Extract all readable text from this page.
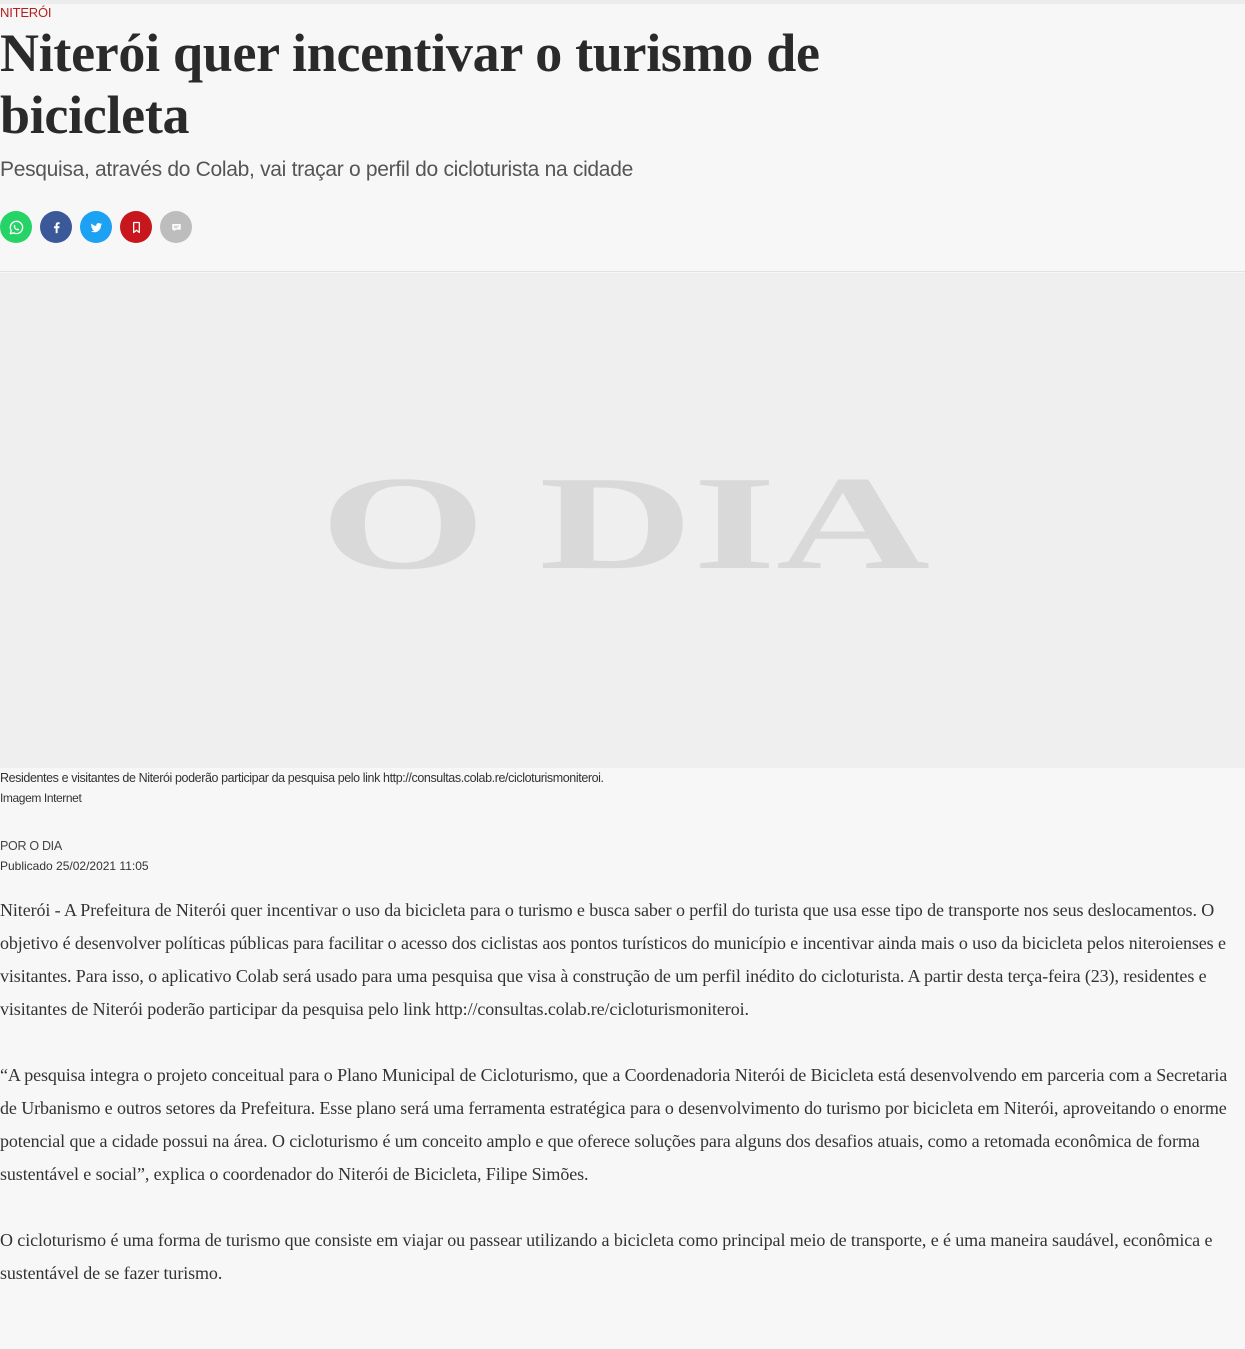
NITERÓI
Niterói quer incentivar o turismo de bicicleta
Pesquisa, através do Colab, vai traçar o perfil do cicloturista na cidade
O DIA
Residentes e visitantes de Niterói poderão participar da pesquisa pelo link http://consultas.colab.re/cicloturismoniteroi.
Imagem Internet
POR O DIA
Publicado 25/02/2021 11:05

Niterói - A Prefeitura de Niterói quer incentivar o uso da bicicleta para o turismo e busca saber o perfil do turista que usa esse tipo de transporte nos seus deslocamentos. O objetivo é desenvolver políticas públicas para facilitar o acesso dos ciclistas aos pontos turísticos do município e incentivar ainda mais o uso da bicicleta pelos niteroienses e visitantes. Para isso, o aplicativo Colab será usado para uma pesquisa que visa à construção de um perfil inédito do cicloturista. A partir desta terça-feira (23), residentes e visitantes de Niterói poderão participar da pesquisa pelo link http://consultas.colab.re/cicloturismoniteroi.

“A pesquisa integra o projeto conceitual para o Plano Municipal de Cicloturismo, que a Coordenadoria Niterói de Bicicleta está desenvolvendo em parceria com a Secretaria de Urbanismo e outros setores da Prefeitura. Esse plano será uma ferramenta estratégica para o desenvolvimento do turismo por bicicleta em Niterói, aproveitando o enorme potencial que a cidade possui na área. O cicloturismo é um conceito amplo e que oferece soluções para alguns dos desafios atuais, como a retomada econômica de forma sustentável e social”, explica o coordenador do Niterói de Bicicleta, Filipe Simões.

O cicloturismo é uma forma de turismo que consiste em viajar ou passear utilizando a bicicleta como principal meio de transporte, e é uma maneira saudável, econômica e sustentável de se fazer turismo.
